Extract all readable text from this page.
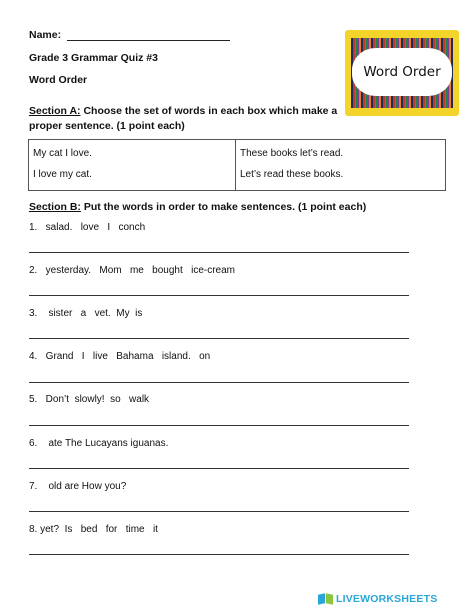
Name:
Grade 3 Grammar Quiz #3
Word Order	Word Order
Section A: Choose the set of words in each box which make a proper sentence. (1 point each)
My cat I love.
I love my cat.

These books let’s read.
Let’s read these books.
Section B: Put the words in order to make sentences. (1 point each)
1.   salad.   love   I   conch
2.   yesterday.   Mom   me   bought   ice-cream
3.    sister   a   vet.  My  is
4.   Grand   I   live   Bahama   island.   on
5.   Don’t  slowly!  so   walk
6.    ate The Lucayans iguanas.
7.    old are How you?
8. yet?  Is   bed   for   time   it
LIVE WORKSHEETS
